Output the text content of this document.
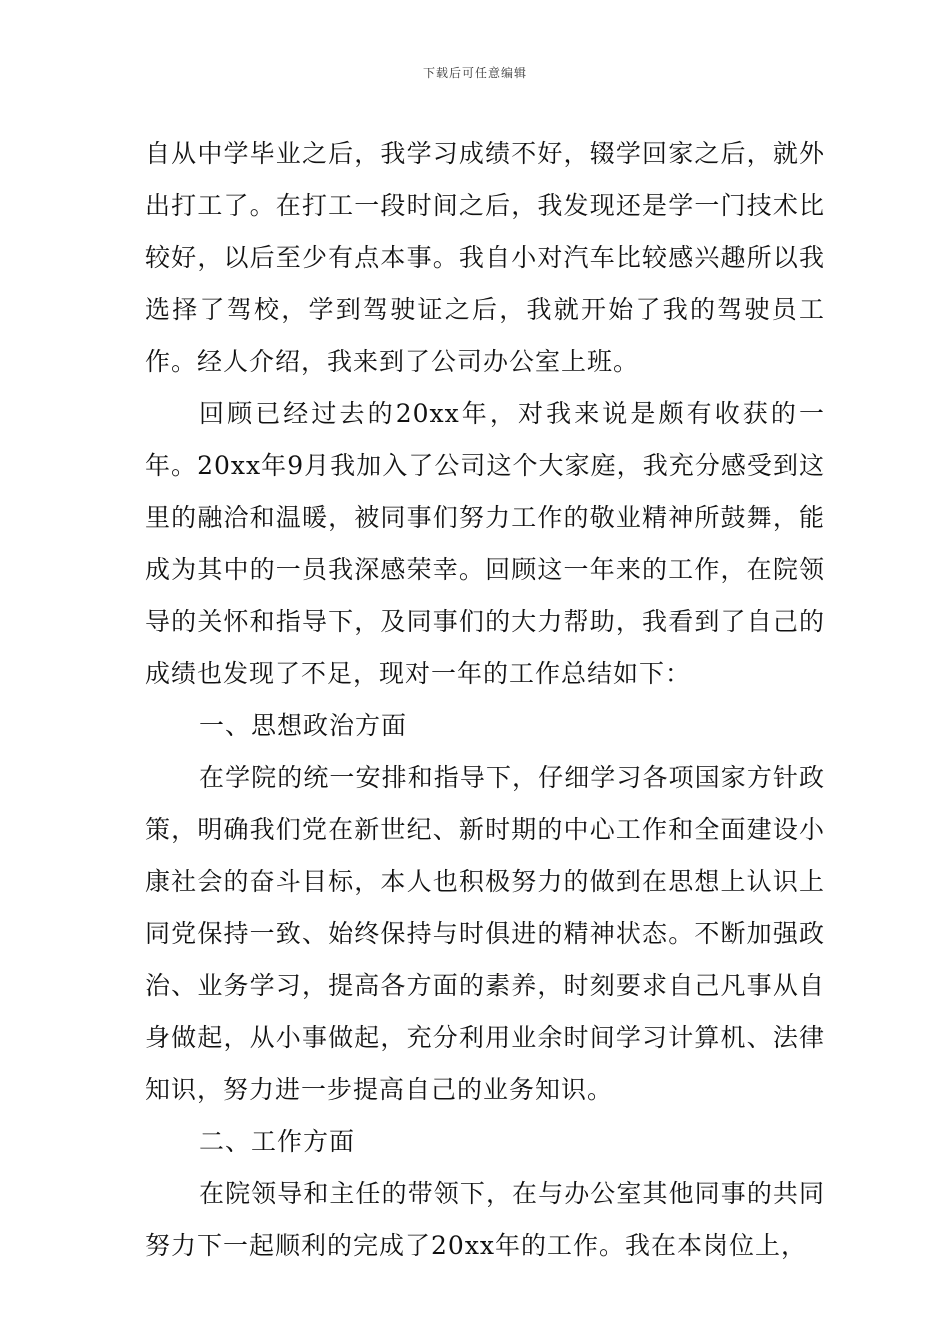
下载后可任意编辑

自从中学毕业之后，我学习成绩不好，辍学回家之后，就外出打工了。在打工一段时间之后，我发现还是学一门技术比较好，以后至少有点本事。我自小对汽车比较感兴趣所以我选择了驾校，学到驾驶证之后，我就开始了我的驾驶员工作。经人介绍，我来到了公司办公室上班。

回顾已经过去的20xx年，对我来说是颇有收获的一年。20xx年9月我加入了公司这个大家庭，我充分感受到这里的融洽和温暖，被同事们努力工作的敬业精神所鼓舞，能成为其中的一员我深感荣幸。回顾这一年来的工作，在院领导的关怀和指导下，及同事们的大力帮助，我看到了自己的成绩也发现了不足，现对一年的工作总结如下：

一、思想政治方面

在学院的统一安排和指导下，仔细学习各项国家方针政策，明确我们党在新世纪、新时期的中心工作和全面建设小康社会的奋斗目标，本人也积极努力的做到在思想上认识上同党保持一致、始终保持与时俱进的精神状态。不断加强政治、业务学习，提高各方面的素养，时刻要求自己凡事从自身做起，从小事做起，充分利用业余时间学习计算机、法律知识，努力进一步提高自己的业务知识。

二、工作方面

在院领导和主任的带领下，在与办公室其他同事的共同努力下一起顺利的完成了20xx年的工作。我在本岗位上，
